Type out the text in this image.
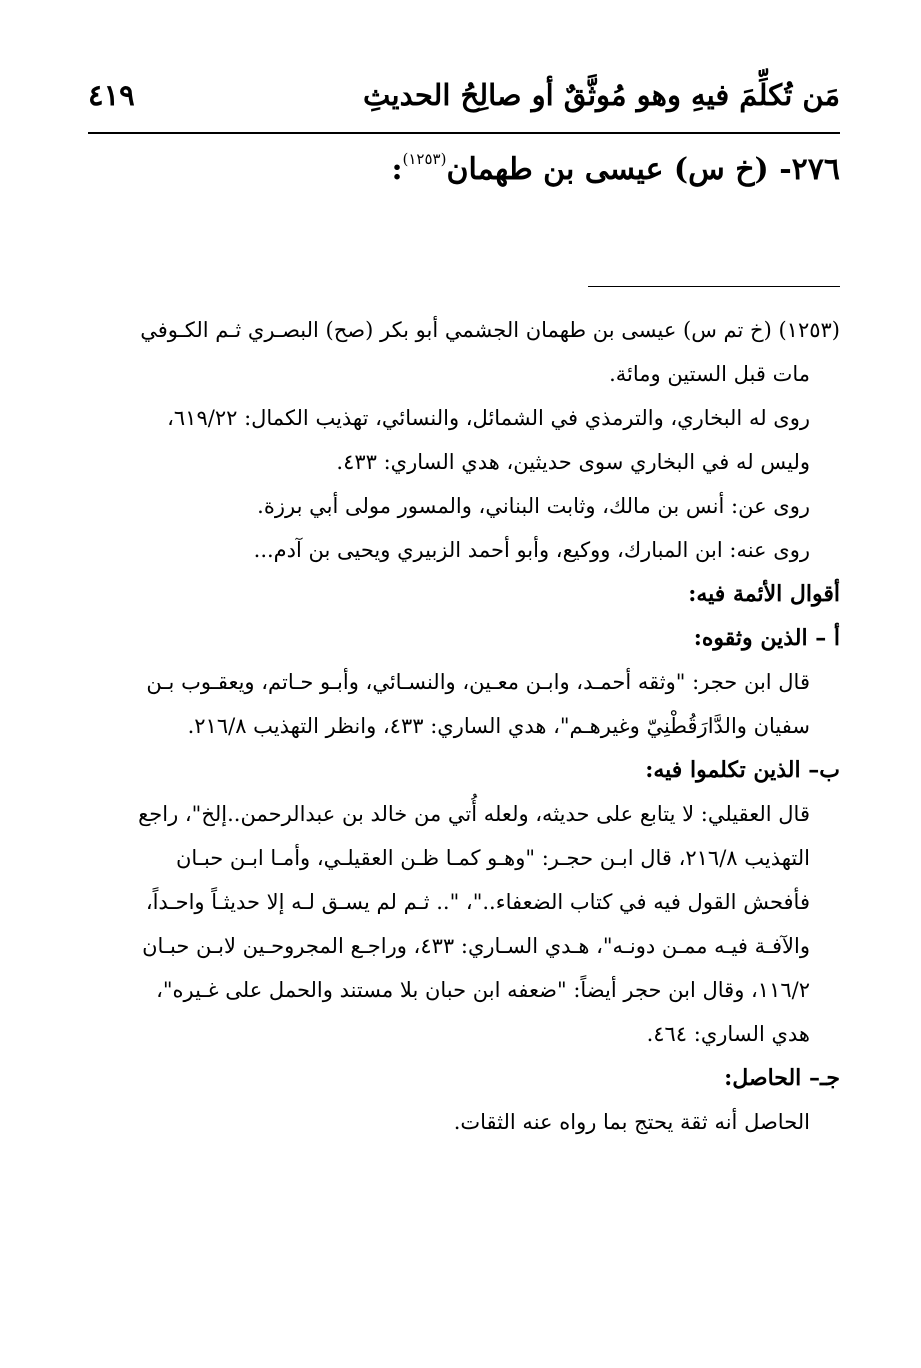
مَن تُكلِّمَ فيهِ وهو مُوثَّقٌ أو صالِحُ الحديثِ
٤١٩
٢٧٦- (خ س) عيسى بن طهمان$^{(١٢٥٣)}$:

(١٢٥٣) (خ تم س) عيسى بن طهمان الجشمي أبو بكر (صح) البصـري ثـم الكـوفي

مات قبل الستين ومائة.

روى له البخاري، والترمذي في الشمائل، والنسائي، تهذيب الكمال: ٦١٩/٢٢،

وليس له في البخاري سوى حديثين، هدي الساري: ٤٣٣.

روى عن: أنس بن مالك، وثابت البناني، والمسور مولى أبي برزة.

روى عنه: ابن المبارك، ووكيع، وأبو أحمد الزبيري ويحيى بن آدم...

أقوال الأئمة فيه:

أ – الذين وثقوه:

قال ابن حجر: "وثقه أحمـد، وابـن معـين، والنسـائي، وأبـو حـاتم، ويعقـوب بـن

سفيان والدَّارَقُطْنِيّ وغيرهـم"، هدي الساري: ٤٣٣، وانظر التهذيب ٢١٦/٨.

ب– الذين تكلموا فيه:

قال العقيلي: لا يتابع على حديثه، ولعله أُتي من خالد بن عبدالرحمن..إلخ"، راجع

التهذيب ٢١٦/٨، قال ابـن حجـر: "وهـو كمـا ظـن العقيلـي، وأمـا ابـن حبـان

فأفحش القول فيه في كتاب الضعفاء.."، ".. ثـم لم يسـق لـه إلا حديثـاً واحـداً،

والآفـة فيـه ممـن دونـه"، هـدي السـاري: ٤٣٣، وراجـع المجروحـين لابـن حبـان

١١٦/٢، وقال ابن حجر أيضاً: "ضعفه ابن حبان بلا مستند والحمل على غـيره"،

هدي الساري: ٤٦٤.

جـ– الحاصل:

الحاصل أنه ثقة يحتج بما رواه عنه الثقات.
